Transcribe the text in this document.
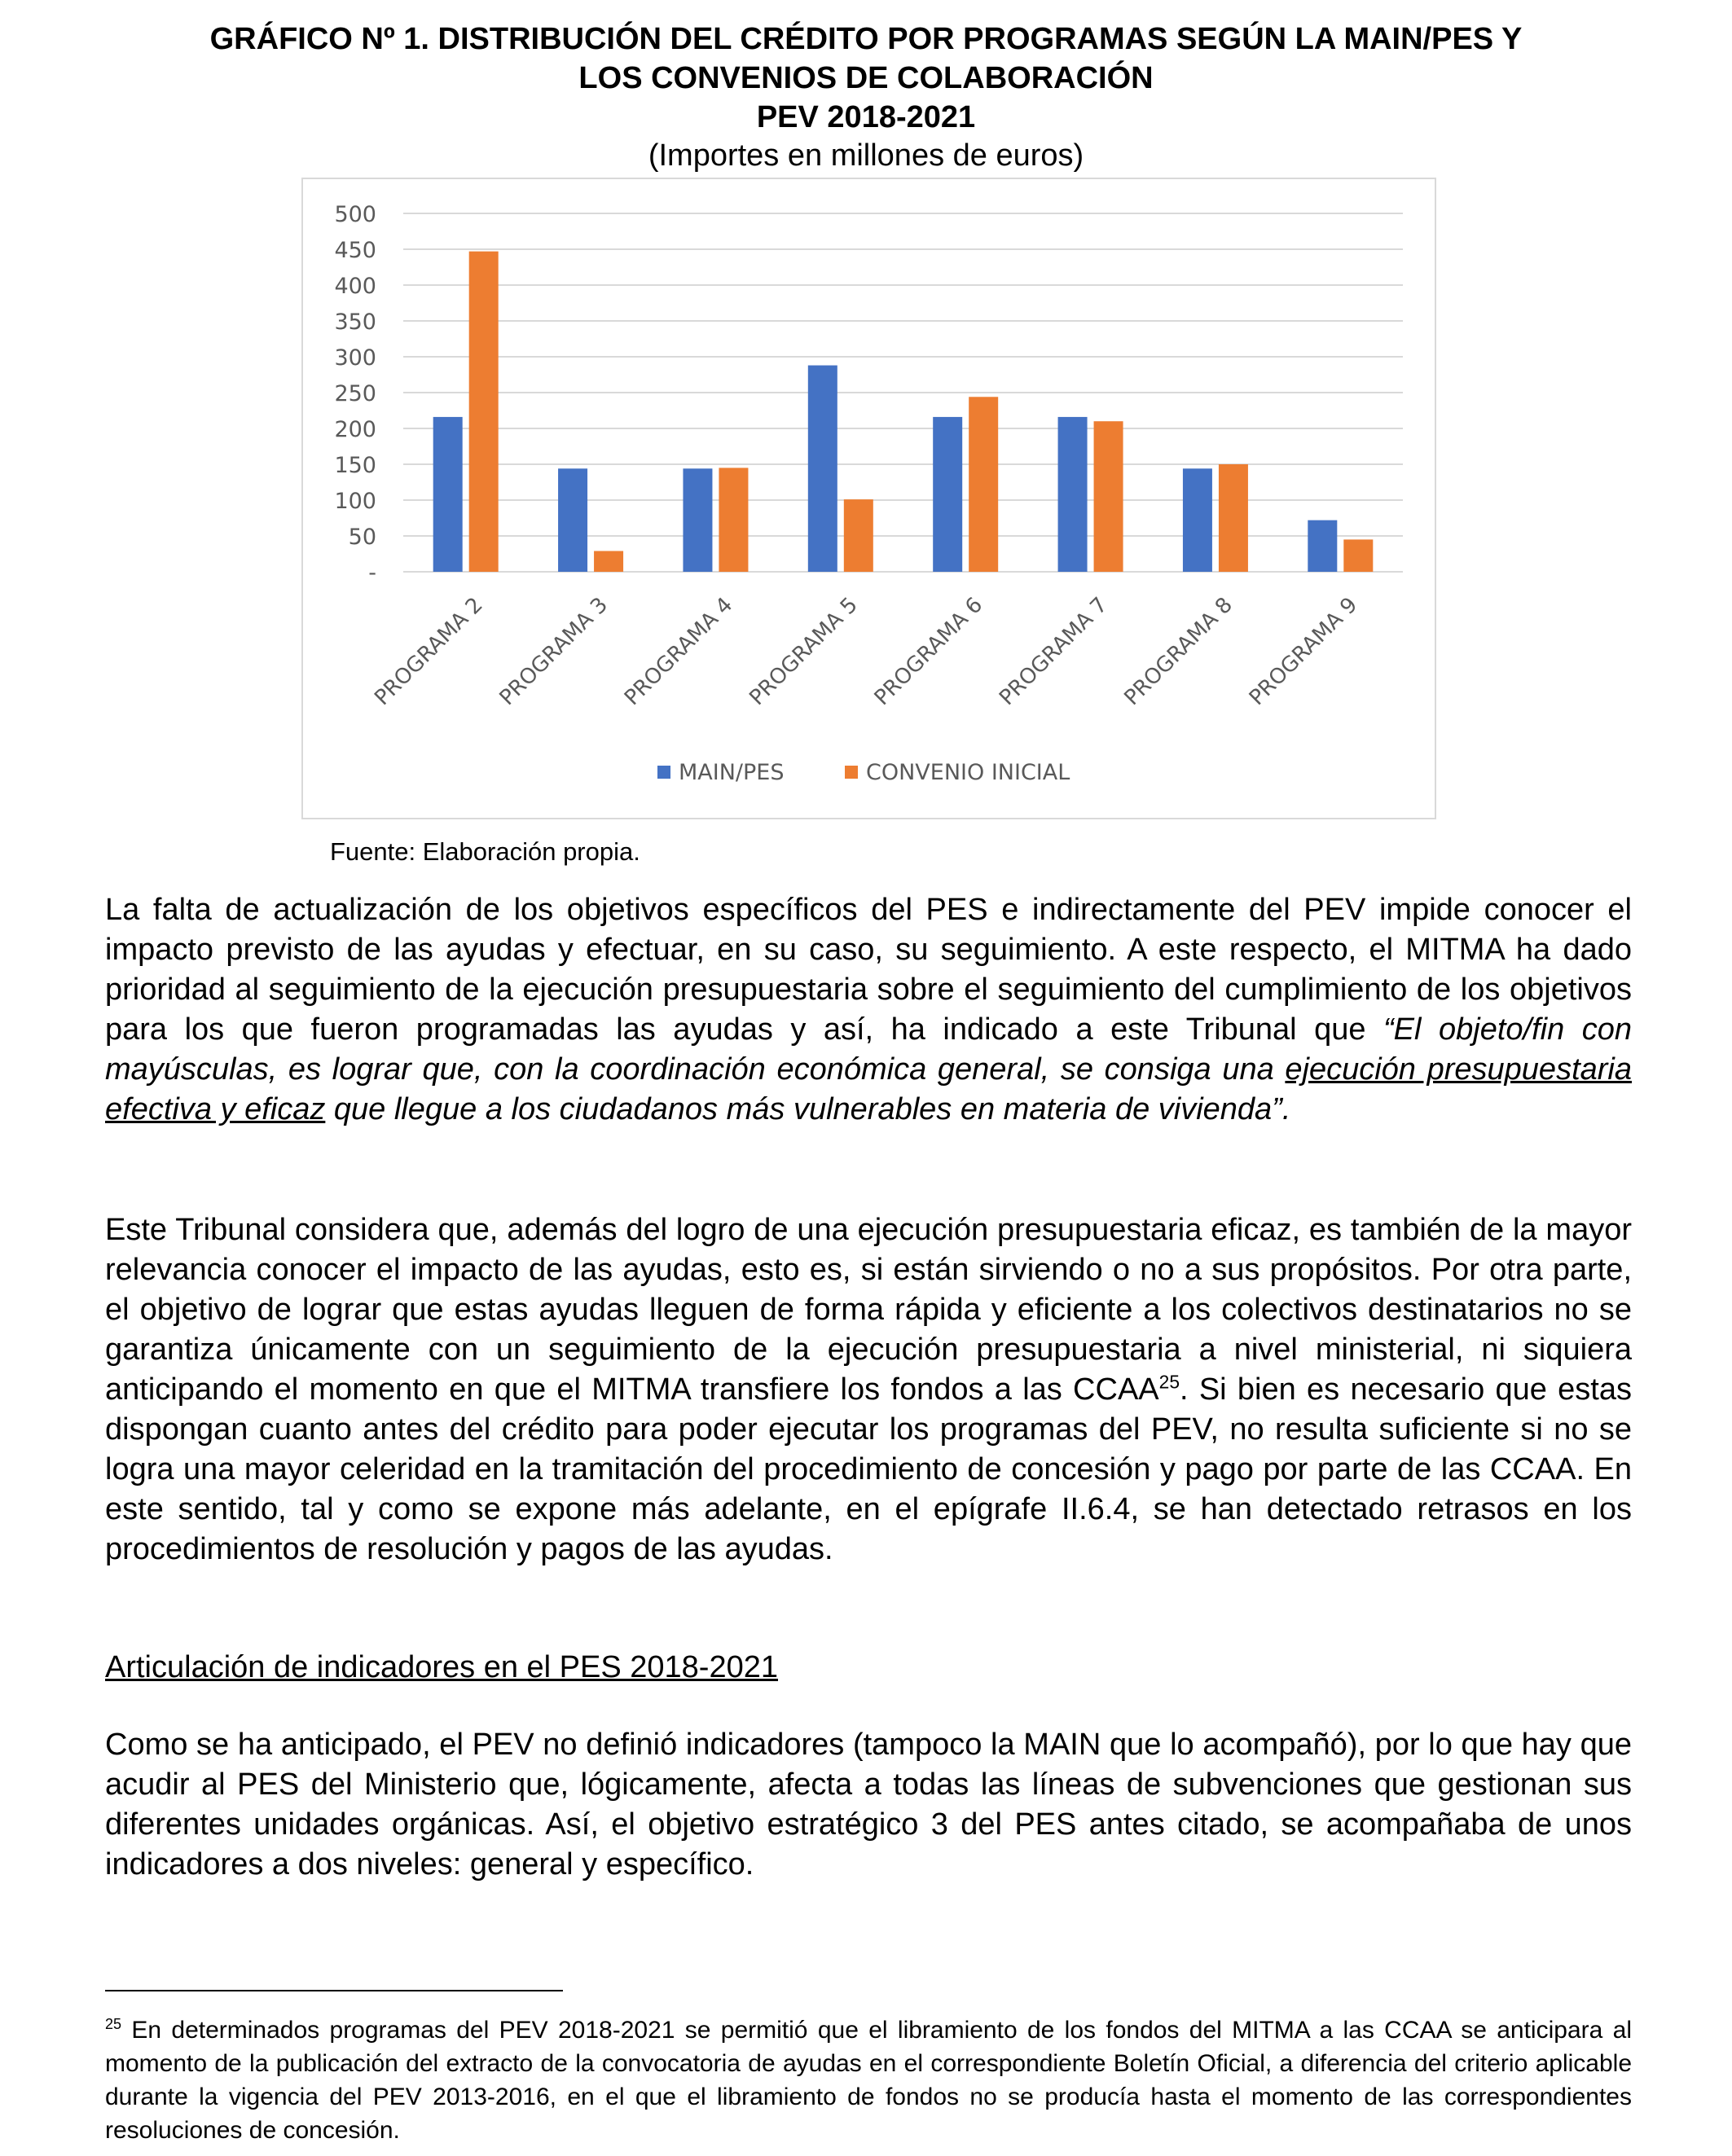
GRÁFICO Nº 1. DISTRIBUCIÓN DEL CRÉDITO POR PROGRAMAS SEGÚN LA MAIN/PES Y
LOS CONVENIOS DE COLABORACIÓN
PEV 2018-2021
(Importes en millones de euros)
-
50
100
150
200
250
300
350
400
450
500
PROGRAMA 2 PROGRAMA 3 PROGRAMA 4 PROGRAMA 5 PROGRAMA 6 PROGRAMA 7 PROGRAMA 8 PROGRAMA 9
MAIN/PES	CONVENIO INICIAL
Fuente: Elaboración propia.
La falta de actualización de los objetivos específicos del PES e indirectamente del PEV impide conocer el impacto previsto de las ayudas y efectuar, en su caso, su seguimiento. A este respecto, el MITMA ha dado prioridad al seguimiento de la ejecución presupuestaria sobre el seguimiento del cumplimiento de los objetivos para los que fueron programadas las ayudas y así, ha indicado a este Tribunal que “El objeto/fin con mayúsculas, es lograr que, con la coordinación económica general, se consiga una ejecución presupuestaria efectiva y eficaz que llegue a los ciudadanos más vulnerables en materia de vivienda”.
Este Tribunal considera que, además del logro de una ejecución presupuestaria eficaz, es también de la mayor relevancia conocer el impacto de las ayudas, esto es, si están sirviendo o no a sus propósitos. Por otra parte, el objetivo de lograr que estas ayudas lleguen de forma rápida y eficiente a los colectivos destinatarios no se garantiza únicamente con un seguimiento de la ejecución presupuestaria a nivel ministerial, ni siquiera anticipando el momento en que el MITMA transfiere los fondos a las CCAA$^{25}$. Si bien es necesario que estas dispongan cuanto antes del crédito para poder ejecutar los programas del PEV, no resulta suficiente si no se logra una mayor celeridad en la tramitación del procedimiento de concesión y pago por parte de las CCAA. En este sentido, tal y como se expone más adelante, en el epígrafe II.6.4, se han detectado retrasos en los procedimientos de resolución y pagos de las ayudas.
Articulación de indicadores en el PES 2018-2021
Como se ha anticipado, el PEV no definió indicadores (tampoco la MAIN que lo acompañó), por lo que hay que acudir al PES del Ministerio que, lógicamente, afecta a todas las líneas de subvenciones que gestionan sus diferentes unidades orgánicas. Así, el objetivo estratégico 3 del PES antes citado, se acompañaba de unos indicadores a dos niveles: general y específico.
$^{25}$ En determinados programas del PEV 2018-2021 se permitió que el libramiento de los fondos del MITMA a las CCAA se anticipara al momento de la publicación del extracto de la convocatoria de ayudas en el correspondiente Boletín Oficial, a diferencia del criterio aplicable durante la vigencia del PEV 2013-2016, en el que el libramiento de fondos no se producía hasta el momento de las correspondientes resoluciones de concesión.
